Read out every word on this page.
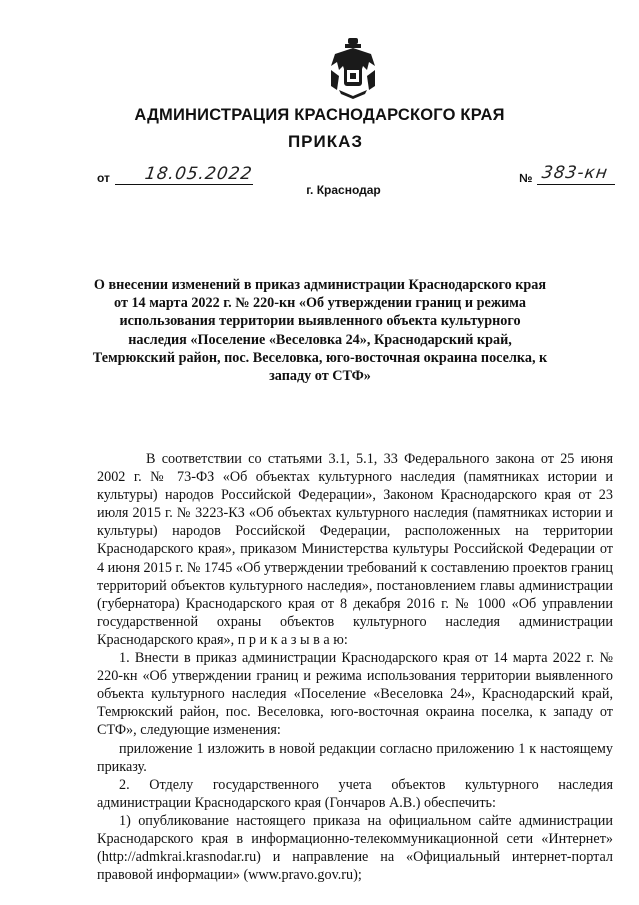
АДМИНИСТРАЦИЯ КРАСНОДАРСКОГО КРАЯ
ПРИКАЗ
от 18.05.2022	№ 383-кн
г. Краснодар
О внесении изменений в приказ администрации Краснодарского края от 14 марта 2022 г. № 220-кн «Об утверждении границ и режима использования территории выявленного объекта культурного наследия «Поселение «Веселовка 24», Краснодарский край, Темрюкский район, пос. Веселовка, юго-восточная окраина поселка, к западу от СТФ»

В соответствии со статьями 3.1, 5.1, 33 Федерального закона от 25 июня 2002 г. № 73-ФЗ «Об объектах культурного наследия (памятниках истории и культуры) народов Российской Федерации», Законом Краснодарского края от 23 июля 2015 г. № 3223-КЗ «Об объектах культурного наследия (памятниках истории и культуры) народов Российской Федерации, расположенных на территории Краснодарского края», приказом Министерства культуры Российской Федерации от 4 июня 2015 г. № 1745 «Об утверждении требований к составлению проектов границ территорий объектов культурного наследия», постановлением главы администрации (губернатора) Краснодарского края от 8 декабря 2016 г. № 1000 «Об управлении государственной охраны объектов культурного наследия администрации Краснодарского края», п р и к а з ы в а ю:

1. Внести в приказ администрации Краснодарского края от 14 марта 2022 г. № 220-кн «Об утверждении границ и режима использования территории выявленного объекта культурного наследия «Поселение «Веселовка 24», Краснодарский край, Темрюкский район, пос. Веселовка, юго-восточная окраина поселка, к западу от СТФ», следующие изменения:

приложение 1 изложить в новой редакции согласно приложению 1 к настоящему приказу.

2. Отделу государственного учета объектов культурного наследия администрации Краснодарского края (Гончаров А.В.) обеспечить:

1) опубликование настоящего приказа на официальном сайте администрации Краснодарского края в информационно-телекоммуникационной сети «Интернет» (http://admkrai.krasnodar.ru) и направление на «Официальный интернет-портал правовой информации» (www.pravo.gov.ru);
